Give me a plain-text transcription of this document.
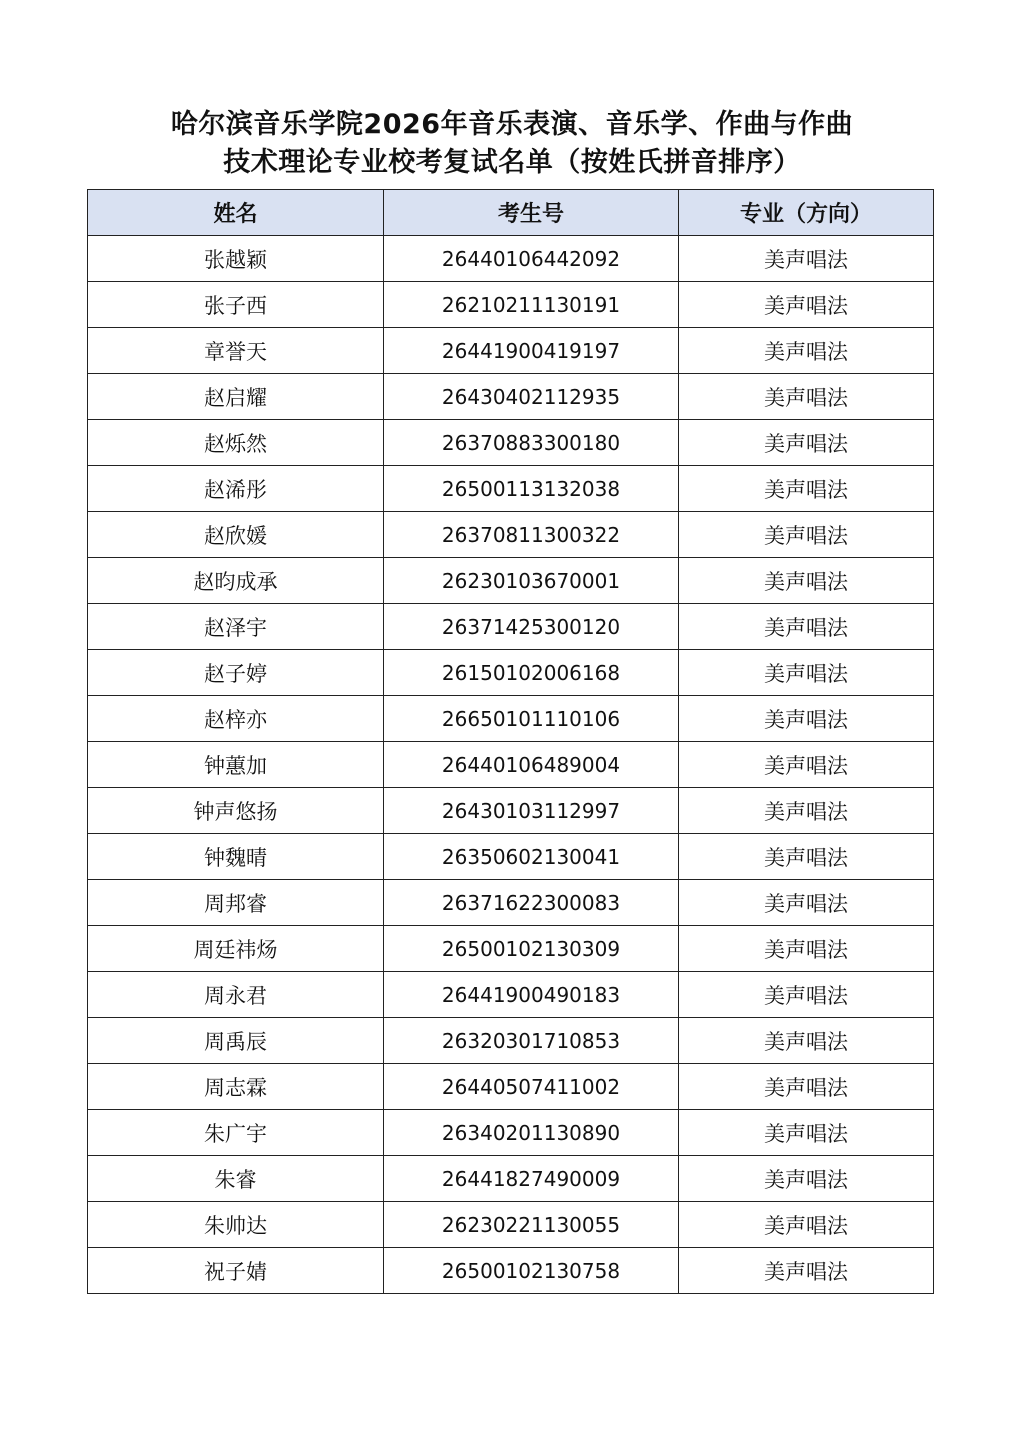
哈尔滨音乐学院2026年音乐表演、音乐学、作曲与作曲
技术理论专业校考复试名单（按姓氏拼音排序）
姓名	考生号	专业（方向）
张越颖	26440106442092	美声唱法
张子西	26210211130191	美声唱法
章誉天	26441900419197	美声唱法
赵启耀	26430402112935	美声唱法
赵烁然	26370883300180	美声唱法
赵浠彤	26500113132038	美声唱法
赵欣媛	26370811300322	美声唱法
赵昀成承	26230103670001	美声唱法
赵泽宇	26371425300120	美声唱法
赵子婷	26150102006168	美声唱法
赵梓亦	26650101110106	美声唱法
钟蕙加	26440106489004	美声唱法
钟声悠扬	26430103112997	美声唱法
钟魏晴	26350602130041	美声唱法
周邦睿	26371622300083	美声唱法
周廷祎炀	26500102130309	美声唱法
周永君	26441900490183	美声唱法
周禹辰	26320301710853	美声唱法
周志霖	26440507411002	美声唱法
朱广宇	26340201130890	美声唱法
朱睿	26441827490009	美声唱法
朱帅达	26230221130055	美声唱法
祝子婧	26500102130758	美声唱法
